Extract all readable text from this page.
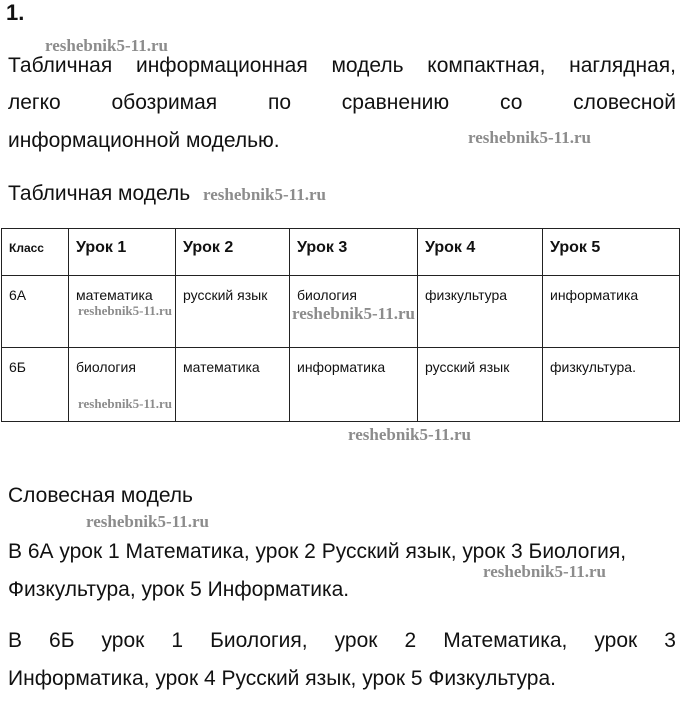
1.
Табличная информационная модель компактная, наглядная,
легко обозримая по сравнению со словесной
информационной моделью.
Табличная модель
Класс	Урок 1	Урок 2	Урок 3	Урок 4	Урок 5
6А	математика	русский язык	биология	физкультура	информатика
6Б	биология	математика	информатика	русский язык	физкультура.
Словесная модель
В 6А урок 1 Математика, урок 2 Русский язык, урок 3 Биология,
Физкультура, урок 5 Информатика.
В 6Б урок 1 Биология, урок 2 Математика, урок 3
Информатика, урок 4 Русский язык, урок 5 Физкультура.
reshebnik5-11.ru
reshebnik5-11.ru
reshebnik5-11.ru
reshebnik5-11.ru	reshebnik5-11.ru
reshebnik5-11.ru
reshebnik5-11.ru
reshebnik5-11.ru
reshebnik5-11.ru
